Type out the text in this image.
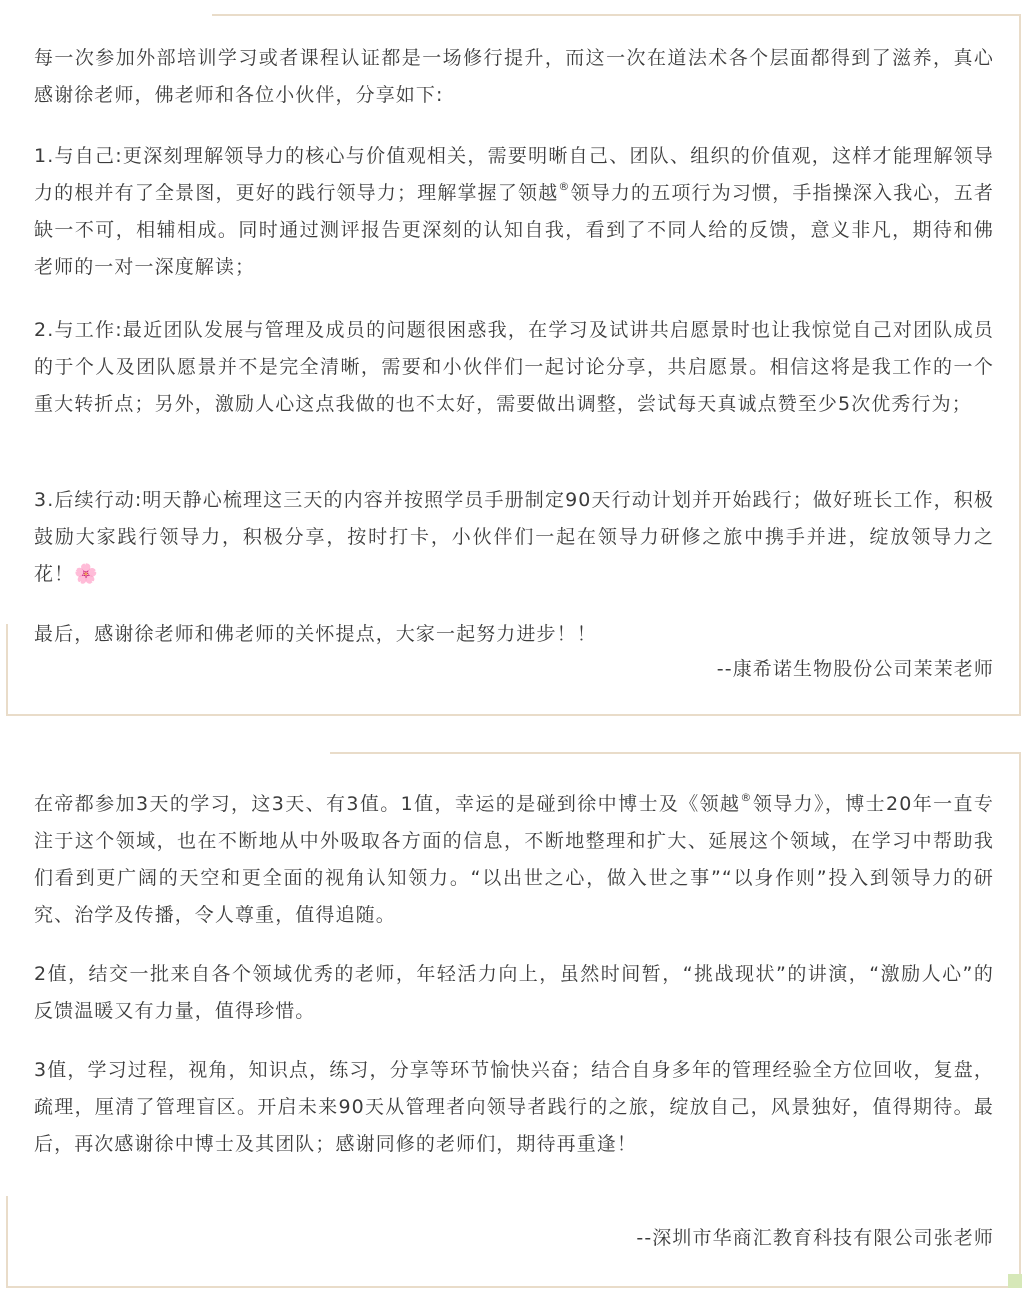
每一次参加外部培训学习或者课程认证都是一场修行提升，而这一次在道法术各个层面都得到了滋养，真心感谢徐老师，佛老师和各位小伙伴，分享如下:

1.与自己:更深刻理解领导力的核心与价值观相关，需要明晰自己、团队、组织的价值观，这样才能理解领导力的根并有了全景图，更好的践行领导力；理解掌握了领越®领导力的五项行为习惯，手指操深入我心，五者缺一不可，相辅相成。同时通过测评报告更深刻的认知自我，看到了不同人给的反馈，意义非凡，期待和佛老师的一对一深度解读；

2.与工作:最近团队发展与管理及成员的问题很困惑我，在学习及试讲共启愿景时也让我惊觉自己对团队成员的于个人及团队愿景并不是完全清晰，需要和小伙伴们一起讨论分享，共启愿景。相信这将是我工作的一个重大转折点；另外，激励人心这点我做的也不太好，需要做出调整，尝试每天真诚点赞至少5次优秀行为；

3.后续行动:明天静心梳理这三天的内容并按照学员手册制定90天行动计划并开始践行；做好班长工作，积极鼓励大家践行领导力，积极分享，按时打卡，小伙伴们一起在领导力研修之旅中携手并进，绽放领导力之花！🌸

最后，感谢徐老师和佛老师的关怀提点，大家一起努力进步！！

--康希诺生物股份公司茉茉老师

在帝都参加3天的学习，这3天、有3值。1值，幸运的是碰到徐中博士及《领越®领导力》，博士20年一直专注于这个领域，也在不断地从中外吸取各方面的信息，不断地整理和扩大、延展这个领域，在学习中帮助我们看到更广阔的天空和更全面的视角认知领力。“以出世之心，做入世之事”“以身作则”投入到领导力的研究、治学及传播，令人尊重，值得追随。

2值，结交一批来自各个领域优秀的老师，年轻活力向上，虽然时间暂，“挑战现状”的讲演，“激励人心”的反馈温暖又有力量，值得珍惜。

3值，学习过程，视角，知识点，练习，分享等环节愉快兴奋；结合自身多年的管理经验全方位回收，复盘，疏理，厘清了管理盲区。开启未来90天从管理者向领导者践行的之旅，绽放自己，风景独好，值得期待。最后，再次感谢徐中博士及其团队；感谢同修的老师们，期待再重逢！

--深圳市华商汇教育科技有限公司张老师
